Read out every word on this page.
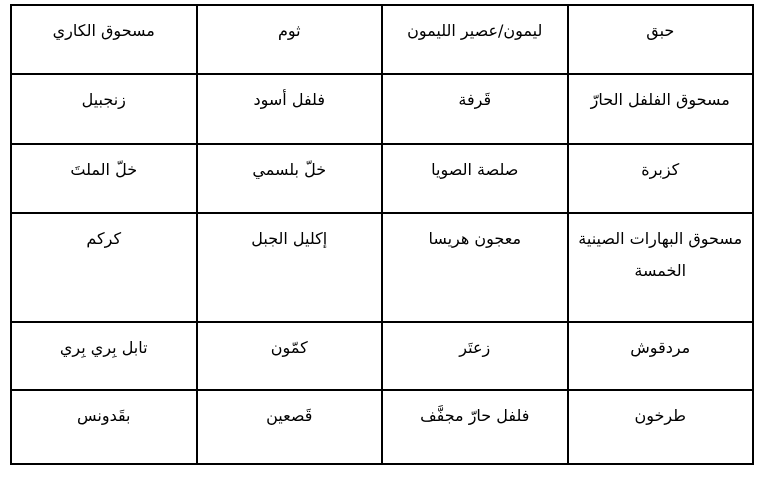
حبق	ليمون/عصير الليمون	ثوم	مسحوق الكاري
مسحوق الفلفل الحارّ	قَرفة	فلفل أسود	زنجبيل
كزبرة	صلصة الصويا	خلّ بلسمي	خلّ الملتَ
مسحوق البهارات الصينية الخمسة	معجون هريسا	إكليل الجبل	كركم
مردقوش	زعتَر	كمّون	تابل بِري بِري
طرخون	فلفل حارّ مجفَّف	قَصعين	بقَدونس
